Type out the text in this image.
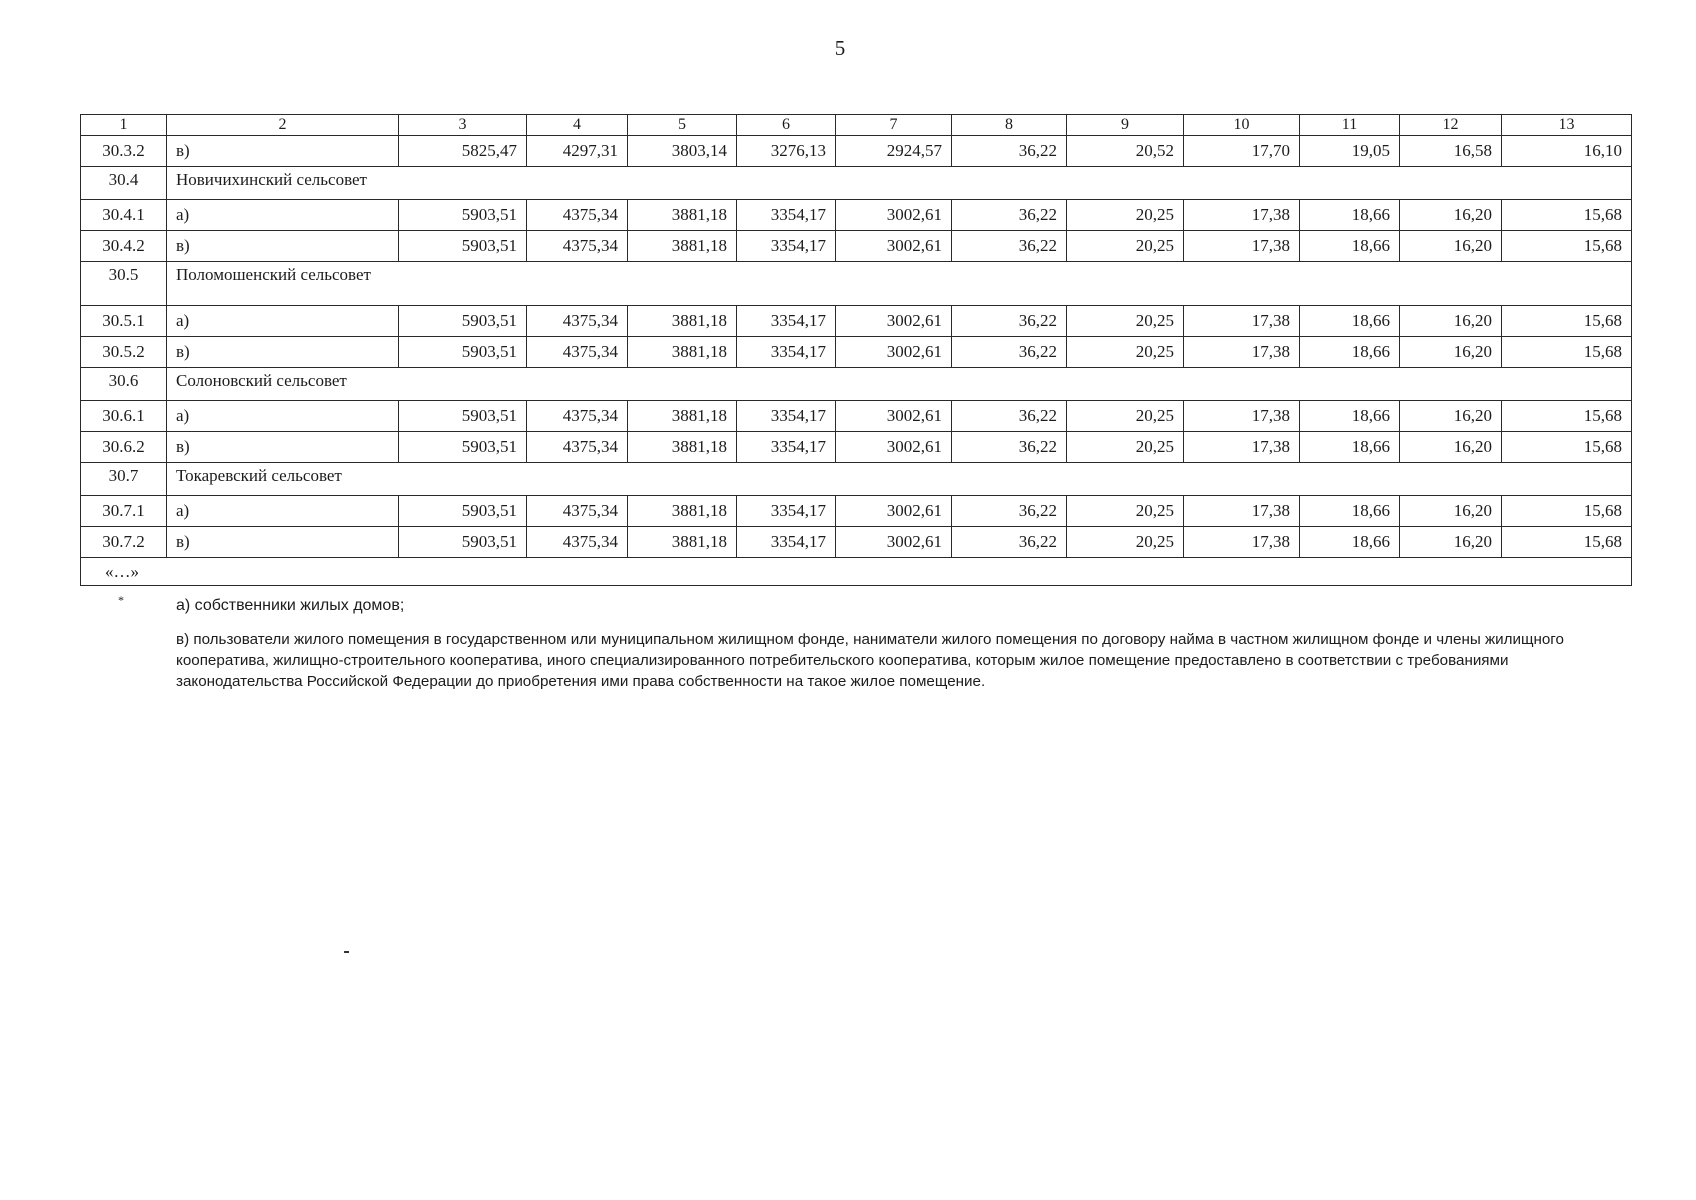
5
1	2	3	4	5	6	7	8	9	10	11	12	13
30.3.2	в)	5825,47	4297,31	3803,14	3276,13	2924,57	36,22	20,52	17,70	19,05	16,58	16,10
30.4	Новичихинский сельсовет											
30.4.1	а)	5903,51	4375,34	3881,18	3354,17	3002,61	36,22	20,25	17,38	18,66	16,20	15,68
30.4.2	в)	5903,51	4375,34	3881,18	3354,17	3002,61	36,22	20,25	17,38	18,66	16,20	15,68
30.5	Поломошенский сельсовет											
30.5.1	а)	5903,51	4375,34	3881,18	3354,17	3002,61	36,22	20,25	17,38	18,66	16,20	15,68
30.5.2	в)	5903,51	4375,34	3881,18	3354,17	3002,61	36,22	20,25	17,38	18,66	16,20	15,68
30.6	Солоновский сельсовет											
30.6.1	а)	5903,51	4375,34	3881,18	3354,17	3002,61	36,22	20,25	17,38	18,66	16,20	15,68
30.6.2	в)	5903,51	4375,34	3881,18	3354,17	3002,61	36,22	20,25	17,38	18,66	16,20	15,68
30.7	Токаревский сельсовет											
30.7.1	а)	5903,51	4375,34	3881,18	3354,17	3002,61	36,22	20,25	17,38	18,66	16,20	15,68
30.7.2	в)	5903,51	4375,34	3881,18	3354,17	3002,61	36,22	20,25	17,38	18,66	16,20	15,68
«…»												
*	а) собственники жилых домов;
в) пользователи жилого помещения в государственном или муниципальном жилищном фонде, наниматели жилого помещения по договору найма в частном жилищном фонде и члены жилищного кооператива, жилищно-строительного кооператива, иного специализированного потребительского кооператива, которым жилое помещение предоставлено в соответствии с требованиями законодательства Российской Федерации до приобретения ими права собственности на такое жилое помещение.
